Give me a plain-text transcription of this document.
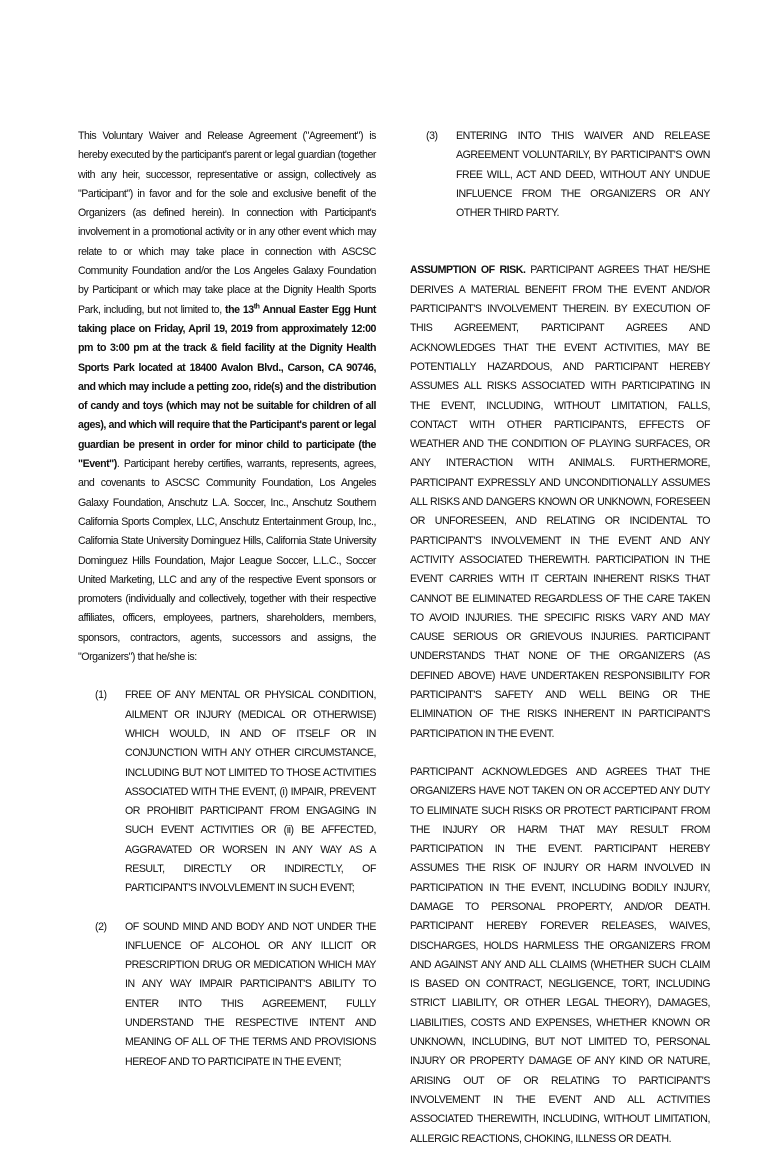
This Voluntary Waiver and Release Agreement ("Agreement") is hereby executed by the participant's parent or legal guardian (together with any heir, successor, representative or assign, collectively as "Participant") in favor and for the sole and exclusive benefit of the Organizers (as defined herein). In connection with Participant's involvement in a promotional activity or in any other event which may relate to or which may take place in connection with ASCSC Community Foundation and/or the Los Angeles Galaxy Foundation by Participant or which may take place at the Dignity Health Sports Park, including, but not limited to, the 13th Annual Easter Egg Hunt taking place on Friday, April 19, 2019 from approximately 12:00 pm to 3:00 pm at the track & field facility at the Dignity Health Sports Park located at 18400 Avalon Blvd., Carson, CA 90746, and which may include a petting zoo, ride(s) and the distribution of candy and toys (which may not be suitable for children of all ages), and which will require that the Participant's parent or legal guardian be present in order for minor child to participate (the "Event"). Participant hereby certifies, warrants, represents, agrees, and covenants to ASCSC Community Foundation, Los Angeles Galaxy Foundation, Anschutz L.A. Soccer, Inc., Anschutz Southern California Sports Complex, LLC, Anschutz Entertainment Group, Inc., California State University Dominguez Hills, California State University Dominguez Hills Foundation, Major League Soccer, L.L.C., Soccer United Marketing, LLC and any of the respective Event sponsors or promoters (individually and collectively, together with their respective affiliates, officers, employees, partners, shareholders, members, sponsors, contractors, agents, successors and assigns, the "Organizers") that he/she is:

(1)	FREE OF ANY MENTAL OR PHYSICAL CONDITION, AILMENT OR INJURY (MEDICAL OR OTHERWISE) WHICH WOULD, IN AND OF ITSELF OR IN CONJUNCTION WITH ANY OTHER CIRCUMSTANCE, INCLUDING BUT NOT LIMITED TO THOSE ACTIVITIES ASSOCIATED WITH THE EVENT, (i) IMPAIR, PREVENT OR PROHIBIT PARTICIPANT FROM ENGAGING IN SUCH EVENT ACTIVITIES OR (ii) BE AFFECTED, AGGRAVATED OR WORSEN IN ANY WAY AS A RESULT, DIRECTLY OR INDIRECTLY, OF PARTICIPANT'S INVOLVLEMENT IN SUCH EVENT;
(2)	OF SOUND MIND AND BODY AND NOT UNDER THE INFLUENCE OF ALCOHOL OR ANY ILLICIT OR PRESCRIPTION DRUG OR MEDICATION WHICH MAY IN ANY WAY IMPAIR PARTICIPANT'S ABILITY TO ENTER INTO THIS AGREEMENT, FULLY UNDERSTAND THE RESPECTIVE INTENT AND MEANING OF ALL OF THE TERMS AND PROVISIONS HEREOF AND TO PARTICIPATE IN THE EVENT;
(3)	ENTERING INTO THIS WAIVER AND RELEASE AGREEMENT VOLUNTARILY, BY PARTICIPANT'S OWN FREE WILL, ACT AND DEED, WITHOUT ANY UNDUE INFLUENCE FROM THE ORGANIZERS OR ANY OTHER THIRD PARTY.

ASSUMPTION OF RISK. PARTICIPANT AGREES THAT HE/SHE DERIVES A MATERIAL BENEFIT FROM THE EVENT AND/OR PARTICIPANT'S INVOLVEMENT THEREIN. BY EXECUTION OF THIS AGREEMENT, PARTICIPANT AGREES AND ACKNOWLEDGES THAT THE EVENT ACTIVITIES, MAY BE POTENTIALLY HAZARDOUS, AND PARTICIPANT HEREBY ASSUMES ALL RISKS ASSOCIATED WITH PARTICIPATING IN THE EVENT, INCLUDING, WITHOUT LIMITATION, FALLS, CONTACT WITH OTHER PARTICIPANTS, EFFECTS OF WEATHER AND THE CONDITION OF PLAYING SURFACES, OR ANY INTERACTION WITH ANIMALS. FURTHERMORE, PARTICIPANT EXPRESSLY AND UNCONDITIONALLY ASSUMES ALL RISKS AND DANGERS KNOWN OR UNKNOWN, FORESEEN OR UNFORESEEN, AND RELATING OR INCIDENTAL TO PARTICIPANT'S INVOLVEMENT IN THE EVENT AND ANY ACTIVITY ASSOCIATED THEREWITH. PARTICIPATION IN THE EVENT CARRIES WITH IT CERTAIN INHERENT RISKS THAT CANNOT BE ELIMINATED REGARDLESS OF THE CARE TAKEN TO AVOID INJURIES. THE SPECIFIC RISKS VARY AND MAY CAUSE SERIOUS OR GRIEVOUS INJURIES. PARTICIPANT UNDERSTANDS THAT NONE OF THE ORGANIZERS (AS DEFINED ABOVE) HAVE UNDERTAKEN RESPONSIBILITY FOR PARTICIPANT'S SAFETY AND WELL BEING OR THE ELIMINATION OF THE RISKS INHERENT IN PARTICIPANT'S PARTICIPATION IN THE EVENT.

PARTICIPANT ACKNOWLEDGES AND AGREES THAT THE ORGANIZERS HAVE NOT TAKEN ON OR ACCEPTED ANY DUTY TO ELIMINATE SUCH RISKS OR PROTECT PARTICIPANT FROM THE INJURY OR HARM THAT MAY RESULT FROM PARTICIPATION IN THE EVENT. PARTICIPANT HEREBY ASSUMES THE RISK OF INJURY OR HARM INVOLVED IN PARTICIPATION IN THE EVENT, INCLUDING BODILY INJURY, DAMAGE TO PERSONAL PROPERTY, AND/OR DEATH. PARTICIPANT HEREBY FOREVER RELEASES, WAIVES, DISCHARGES, HOLDS HARMLESS THE ORGANIZERS FROM AND AGAINST ANY AND ALL CLAIMS (WHETHER SUCH CLAIM IS BASED ON CONTRACT, NEGLIGENCE, TORT, INCLUDING STRICT LIABILITY, OR OTHER LEGAL THEORY), DAMAGES, LIABILITIES, COSTS AND EXPENSES, WHETHER KNOWN OR UNKNOWN, INCLUDING, BUT NOT LIMITED TO, PERSONAL INJURY OR PROPERTY DAMAGE OF ANY KIND OR NATURE, ARISING OUT OF OR RELATING TO PARTICIPANT'S INVOLVEMENT IN THE EVENT AND ALL ACTIVITIES ASSOCIATED THEREWITH, INCLUDING, WITHOUT LIMITATION, ALLERGIC REACTIONS, CHOKING, ILLNESS OR DEATH.
